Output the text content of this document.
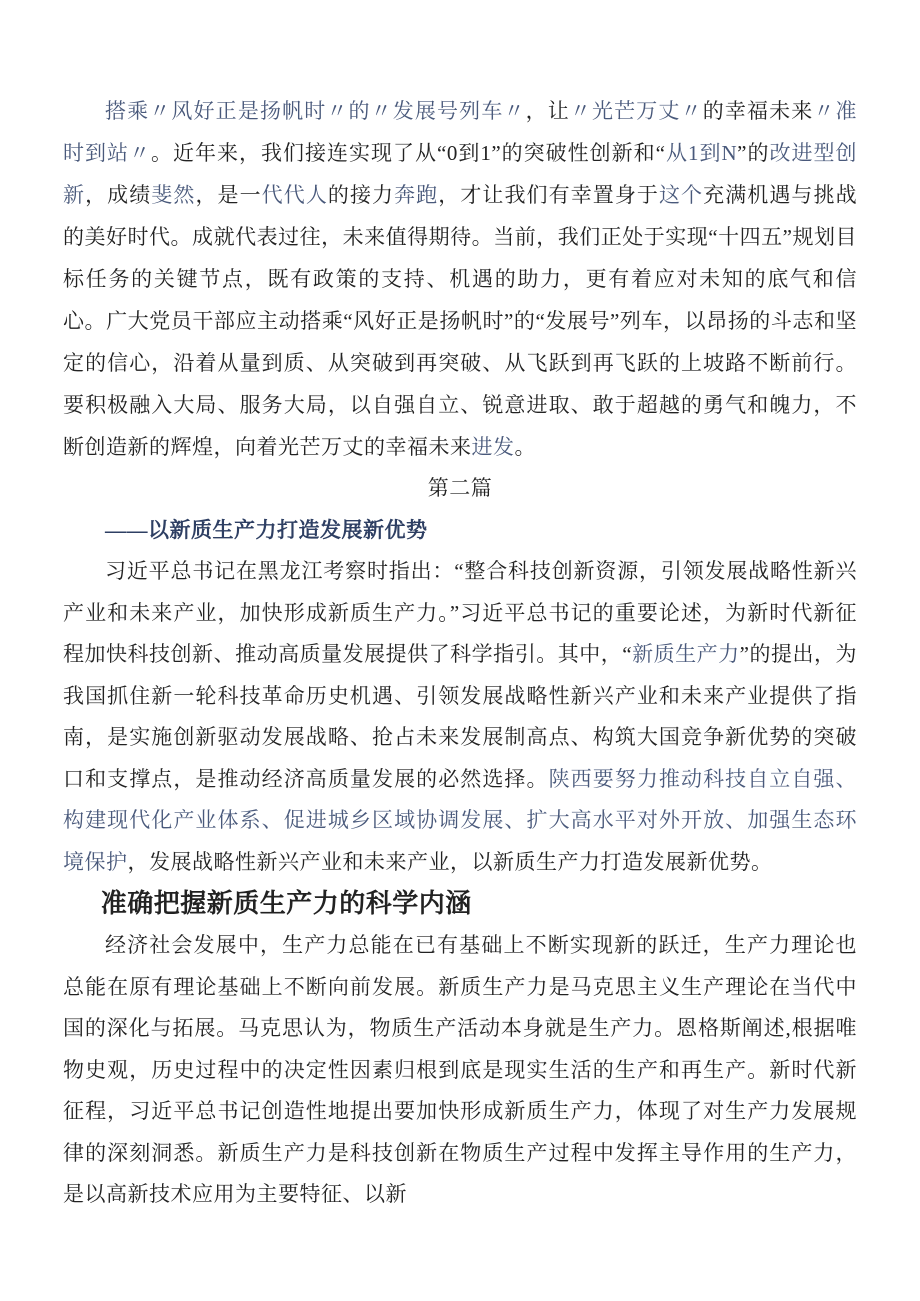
搭乘〃风好正是扬帆时〃的〃发展号列车〃，让〃光芒万丈〃的幸福未来〃准时到站〃。近年来，我们接连实现了从“0到1”的突破性创新和“从1到N”的改进型创新，成绩斐然，是一代代人的接力奔跑，才让我们有幸置身于这个充满机遇与挑战的美好时代。成就代表过往，未来值得期待。当前，我们正处于实现“十四五”规划目标任务的关键节点，既有政策的支持、机遇的助力，更有着应对未知的底气和信心。广大党员干部应主动搭乘“风好正是扬帆时”的“发展号”列车，以昂扬的斗志和坚定的信心，沿着从量到质、从突破到再突破、从飞跃到再飞跃的上坡路不断前行。要积极融入大局、服务大局，以自强自立、锐意进取、敢于超越的勇气和魄力，不断创造新的辉煌，向着光芒万丈的幸福未来进发。
第二篇
——以新质生产力打造发展新优势
习近平总书记在黑龙江考察时指出：“整合科技创新资源，引领发展战略性新兴产业和未来产业，加快形成新质生产力。”习近平总书记的重要论述，为新时代新征程加快科技创新、推动高质量发展提供了科学指引。其中，“新质生产力”的提出，为我国抓住新一轮科技革命历史机遇、引领发展战略性新兴产业和未来产业提供了指南，是实施创新驱动发展战略、抢占未来发展制高点、构筑大国竞争新优势的突破口和支撑点，是推动经济高质量发展的必然选择。陕西要努力推动科技自立自强、构建现代化产业体系、促进城乡区域协调发展、扩大高水平对外开放、加强生态环境保护，发展战略性新兴产业和未来产业，以新质生产力打造发展新优势。
准确把握新质生产力的科学内涵
经济社会发展中，生产力总能在已有基础上不断实现新的跃迁，生产力理论也总能在原有理论基础上不断向前发展。新质生产力是马克思主义生产理论在当代中国的深化与拓展。马克思认为，物质生产活动本身就是生产力。恩格斯阐述,根据唯物史观，历史过程中的决定性因素归根到底是现实生活的生产和再生产。新时代新征程，习近平总书记创造性地提出要加快形成新质生产力，体现了对生产力发展规律的深刻洞悉。新质生产力是科技创新在物质生产过程中发挥主导作用的生产力，是以高新技术应用为主要特征、以新
